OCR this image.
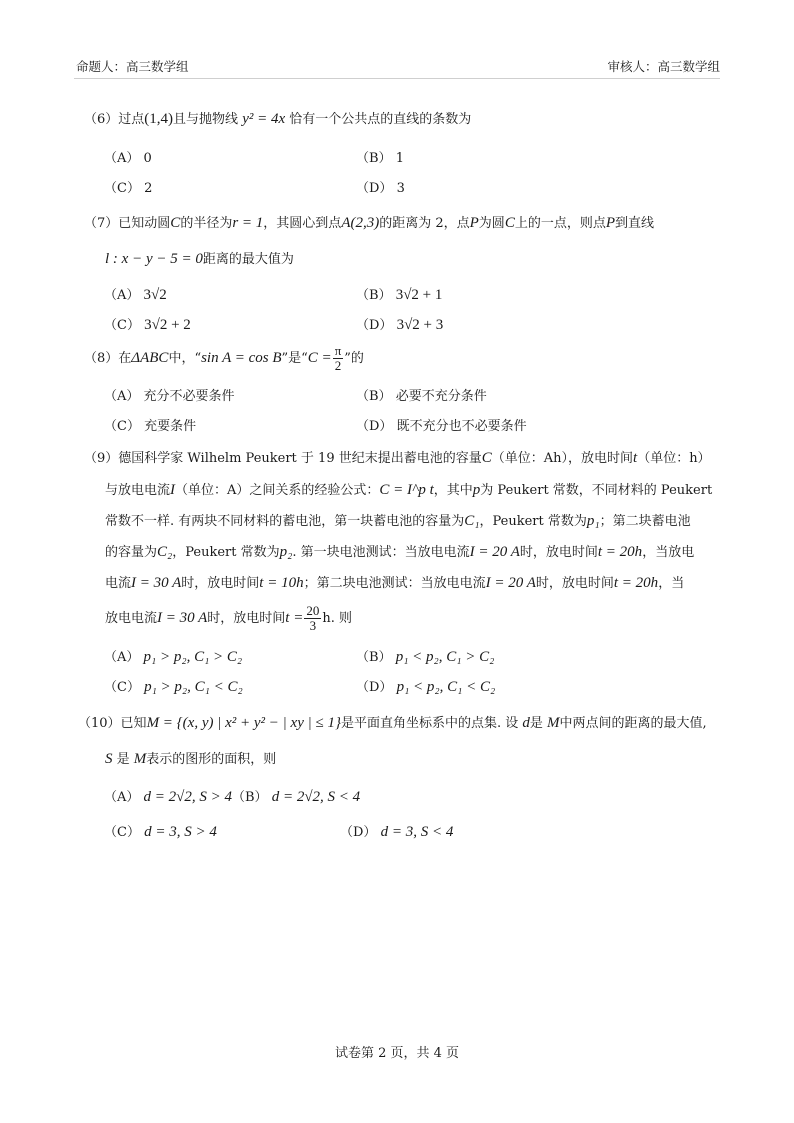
命题人：高三数学组	审核人：高三数学组
（6）过点(1,4)且与抛物线 y² = 4x 恰有一个公共点的直线的条数为
（A） 0	（B） 1
（C） 2	（D） 3
（7）已知动圆C的半径为r = 1，其圆心到点A(2,3)的距离为 2，点P为圆C上的一点，则点P到直线
l : x − y − 5 = 0距离的最大值为
（A） 3√2	（B） 3√2 + 1
（C） 3√2 + 2	（D） 3√2 + 3
（8）在ΔABC中，“sin A = cos B”是“$C = \frac{\pi}{2}$ ”的
（A） 充分不必要条件	（B） 必要不充分条件
（C） 充要条件	（D） 既不充分也不必要条件
（9）德国科学家 Wilhelm Peukert 于 19 世纪末提出蓄电池的容量C（单位：Ah），放电时间t（单位：h）
与放电电流I（单位：A）之间关系的经验公式：C = I^p t，其中p为 Peukert 常数，不同材料的 Peukert
常数不一样. 有两块不同材料的蓄电池，第一块蓄电池的容量为C₁，Peukert 常数为p₁；第二块蓄电池
的容量为C₂，Peukert 常数为p₂. 第一块电池测试：当放电电流I = 20 A时，放电时间t = 20h，当放电
电流I = 30 A时，放电时间t = 10h；第二块电池测试：当放电电流I = 20 A时，放电时间t = 20h，当
放电电流I = 30 A时，放电时间$t = \frac{20}{3} h$. 则
（A） p₁ > p₂, C₁ > C₂	（B） p₁ < p₂, C₁ > C₂
（C） p₁ > p₂, C₁ < C₂	（D） p₁ < p₂, C₁ < C₂
（10）已知M = {(x, y) | x² + y² − | xy | ≤ 1}是平面直角坐标系中的点集. 设 d是 M中两点间的距离的最大值,
S 是 M表示的图形的面积，则
（A） d = 2√2, S > 4 （B） d = 2√2, S < 4
（C） d = 3, S > 4	（D） d = 3, S < 4
试卷第 2 页，共 4 页
